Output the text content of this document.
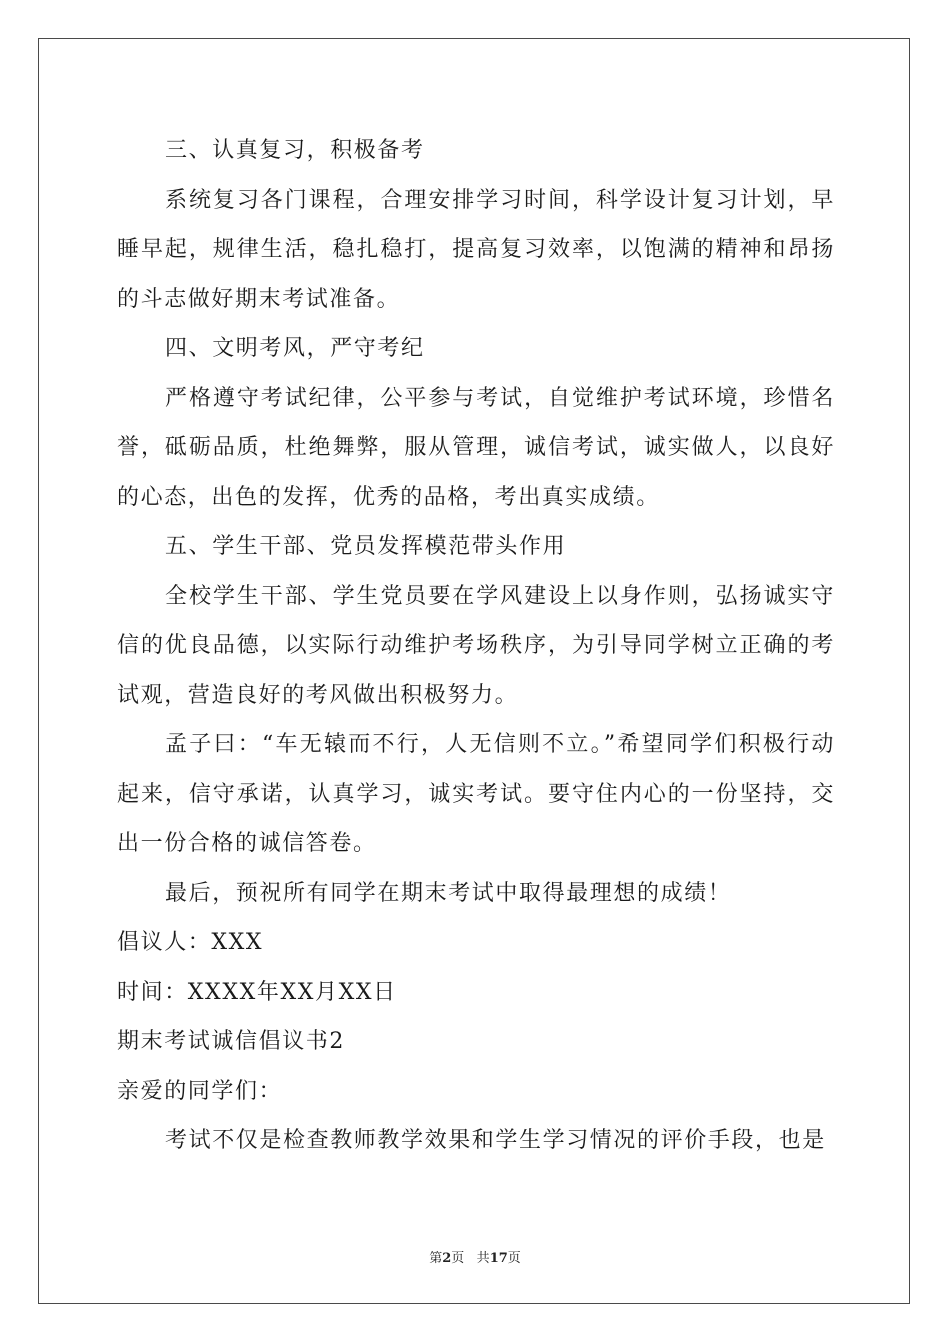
三、认真复习，积极备考

系统复习各门课程，合理安排学习时间，科学设计复习计划，早睡早起，规律生活，稳扎稳打，提高复习效率，以饱满的精神和昂扬的斗志做好期末考试准备。

四、文明考风，严守考纪

严格遵守考试纪律，公平参与考试，自觉维护考试环境，珍惜名誉，砥砺品质，杜绝舞弊，服从管理，诚信考试，诚实做人，以良好的心态，出色的发挥，优秀的品格，考出真实成绩。

五、学生干部、党员发挥模范带头作用

全校学生干部、学生党员要在学风建设上以身作则，弘扬诚实守信的优良品德，以实际行动维护考场秩序，为引导同学树立正确的考试观，营造良好的考风做出积极努力。

孟子曰：“车无辕而不行，人无信则不立。”希望同学们积极行动起来，信守承诺，认真学习，诚实考试。要守住内心的一份坚持，交出一份合格的诚信答卷。

最后，预祝所有同学在期末考试中取得最理想的成绩！

倡议人：XXX

时间：XXXX年XX月XX日

期末考试诚信倡议书2

亲爱的同学们：

考试不仅是检查教师教学效果和学生学习情况的评价手段，也是

第2页 共17页
